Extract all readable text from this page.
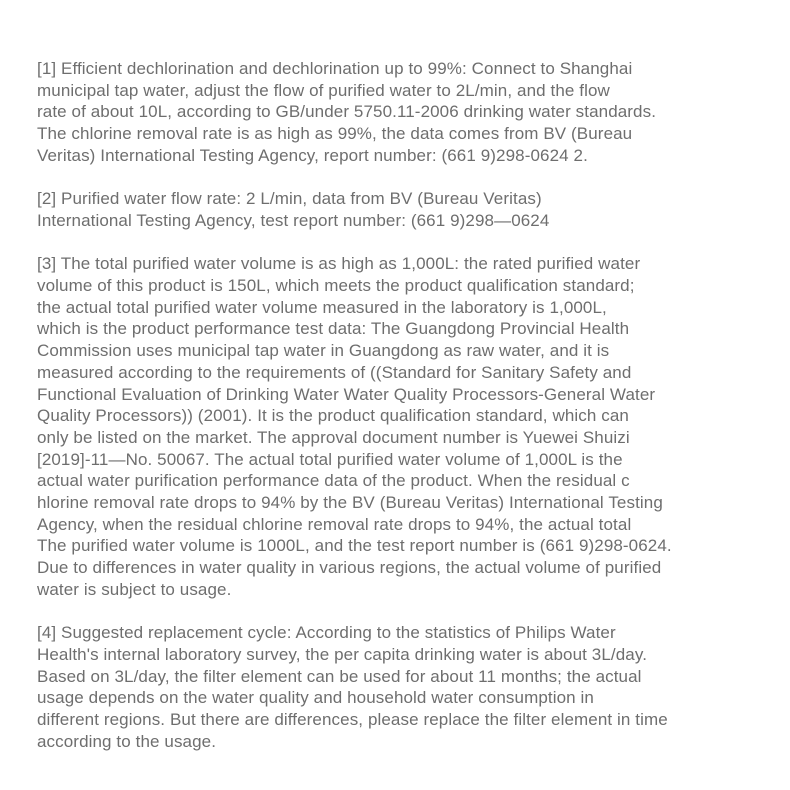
[1] Efficient dechlorination and dechlorination up to 99%: Connect to Shanghai
municipal tap water, adjust the flow of purified water to 2L/min, and the flow
rate of about 10L, according to GB/under 5750.11-2006 drinking water standards.
The chlorine removal rate is as high as 99%, the data comes from BV (Bureau
Veritas) International Testing Agency, report number: (661 9)298-0624 2.

[2] Purified water flow rate: 2 L/min, data from BV (Bureau Veritas)
International Testing Agency, test report number: (661 9)298—0624

[3] The total purified water volume is as high as 1,000L: the rated purified water
volume of this product is 150L, which meets the product qualification standard;
the actual total purified water volume measured in the laboratory is 1,000L,
which is the product performance test data: The Guangdong Provincial Health
Commission uses municipal tap water in Guangdong as raw water, and it is
measured according to the requirements of ((Standard for Sanitary Safety and
Functional Evaluation of Drinking Water Water Quality Processors-General Water
Quality Processors)) (2001). It is the product qualification standard, which can
only be listed on the market. The approval document number is Yuewei Shuizi
[2019]-11—No. 50067. The actual total purified water volume of 1,000L is the
actual water purification performance data of the product. When the residual c
hlorine removal rate drops to 94% by the BV (Bureau Veritas) International Testing
Agency, when the residual chlorine removal rate drops to 94%, the actual total
The purified water volume is 1000L, and the test report number is (661 9)298-0624.
Due to differences in water quality in various regions, the actual volume of purified
water is subject to usage.

[4] Suggested replacement cycle: According to the statistics of Philips Water
Health's internal laboratory survey, the per capita drinking water is about 3L/day.
Based on 3L/day, the filter element can be used for about 11 months; the actual
usage depends on the water quality and household water consumption in
different regions. But there are differences, please replace the filter element in time
according to the usage.
